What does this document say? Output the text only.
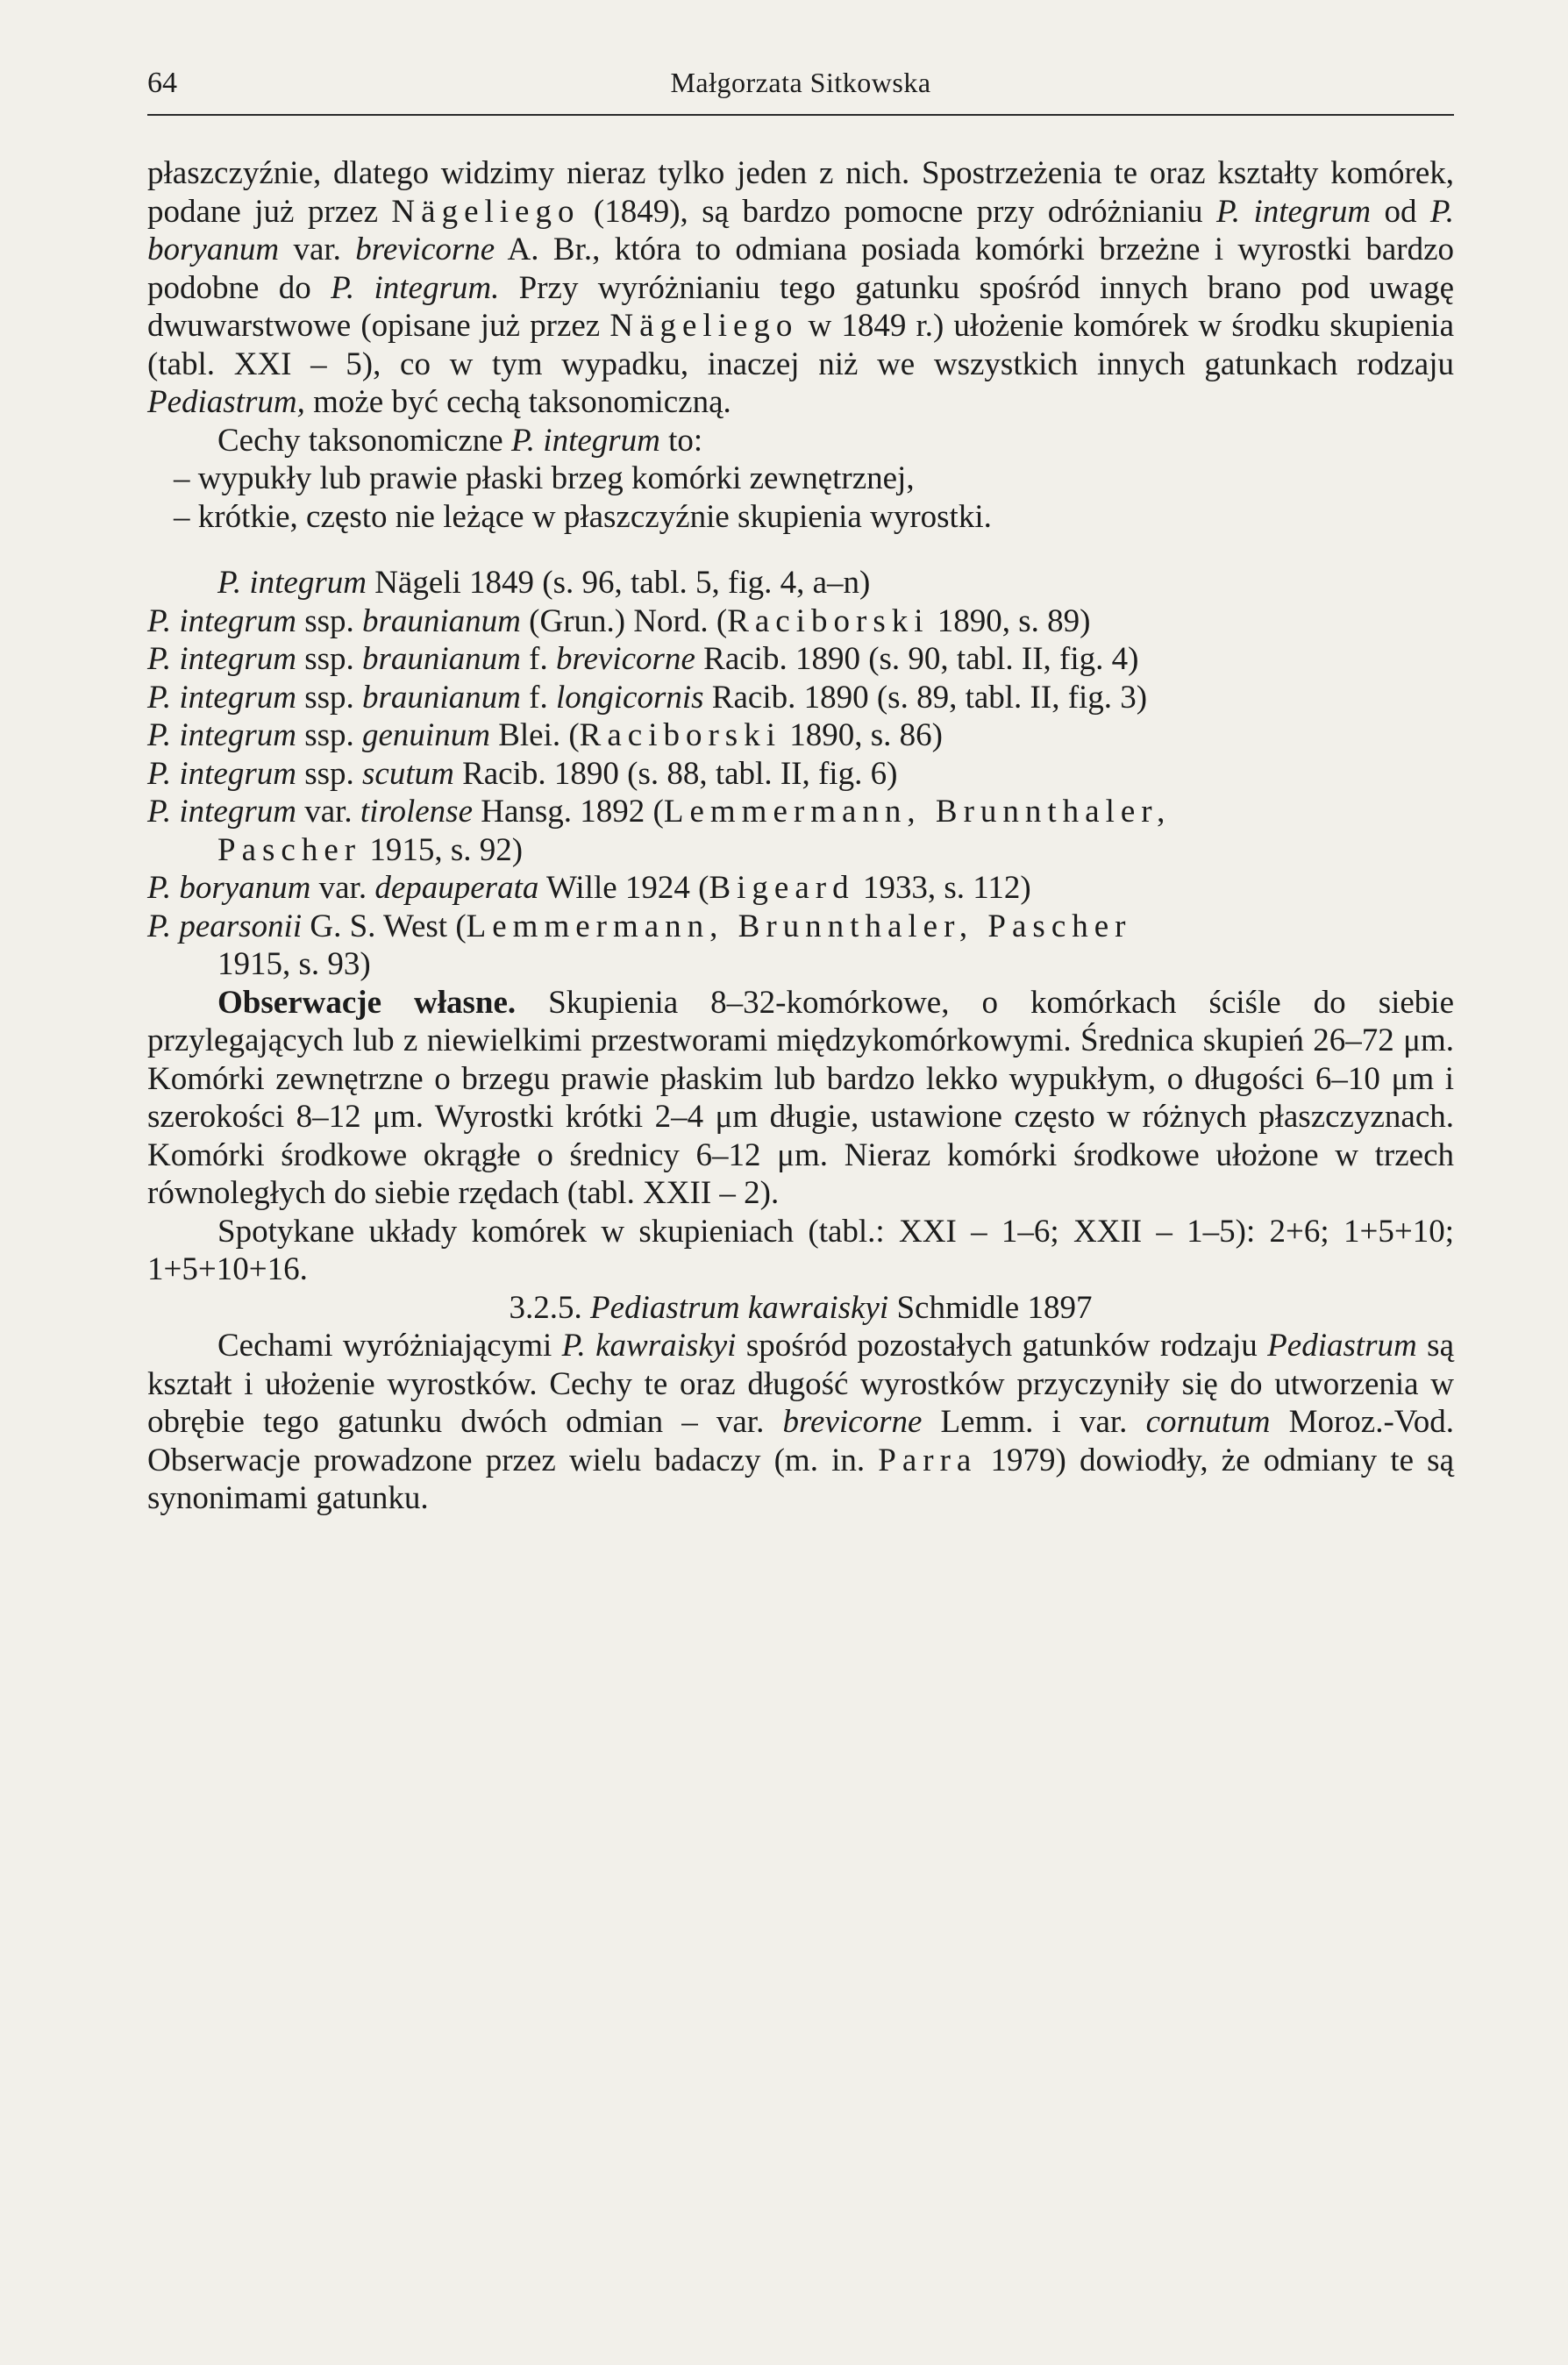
64	Małgorzata Sitkowska

płaszczyźnie, dlatego widzimy nieraz tylko jeden z nich. Spostrzeżenia te oraz kształty komórek, podane już przez Nägeliego (1849), są bardzo pomocne przy odróżnianiu P. integrum od P. boryanum var. brevicorne A. Br., która to odmiana posiada komórki brzeżne i wyrostki bardzo podobne do P. integrum. Przy wyróżnianiu tego gatunku spośród innych brano pod uwagę dwuwarstwowe (opisane już przez Nägeliego w 1849 r.) ułożenie komórek w środku skupienia (tabl. XXI – 5), co w tym wypadku, inaczej niż we wszystkich innych gatunkach rodzaju Pediastrum, może być cechą taksonomiczną.

Cechy taksonomiczne P. integrum to:

– wypukły lub prawie płaski brzeg komórki zewnętrznej,

– krótkie, często nie leżące w płaszczyźnie skupienia wyrostki.

P. integrum Nägeli 1849 (s. 96, tabl. 5, fig. 4, a–n)

P. integrum ssp. braunianum (Grun.) Nord. (Raciborski 1890, s. 89)

P. integrum ssp. braunianum f. brevicorne Racib. 1890 (s. 90, tabl. II, fig. 4)

P. integrum ssp. braunianum f. longicornis Racib. 1890 (s. 89, tabl. II, fig. 3)

P. integrum ssp. genuinum Blei. (Raciborski 1890, s. 86)

P. integrum ssp. scutum Racib. 1890 (s. 88, tabl. II, fig. 6)

P. integrum var. tirolense Hansg. 1892 (Lemmermann, Brunnthaler,
Pascher 1915, s. 92)

P. boryanum var. depauperata Wille 1924 (Bigeard 1933, s. 112)

P. pearsonii G. S. West (Lemmermann, Brunnthaler, Pascher
1915, s. 93)

Obserwacje własne. Skupienia 8–32-komórkowe, o komórkach ściśle do siebie przylegających lub z niewielkimi przestworami międzykomórkowymi. Średnica skupień 26–72 μm. Komórki zewnętrzne o brzegu prawie płaskim lub bardzo lekko wypukłym, o długości 6–10 μm i szerokości 8–12 μm. Wyrostki krótki 2–4 μm długie, ustawione często w różnych płaszczyznach. Komórki środkowe okrągłe o średnicy 6–12 μm. Nieraz komórki środkowe ułożone w trzech równoległych do siebie rzędach (tabl. XXII – 2).

Spotykane układy komórek w skupieniach (tabl.: XXI – 1–6; XXII – 1–5): 2+6; 1+5+10; 1+5+10+16.

3.2.5. Pediastrum kawraiskyi Schmidle 1897

Cechami wyróżniającymi P. kawraiskyi spośród pozostałych gatunków rodzaju Pediastrum są kształt i ułożenie wyrostków. Cechy te oraz długość wyrostków przyczyniły się do utworzenia w obrębie tego gatunku dwóch odmian – var. brevicorne Lemm. i var. cornutum Moroz.-Vod. Obserwacje prowadzone przez wielu badaczy (m. in. Parra 1979) dowiodły, że odmiany te są synonimami gatunku.
